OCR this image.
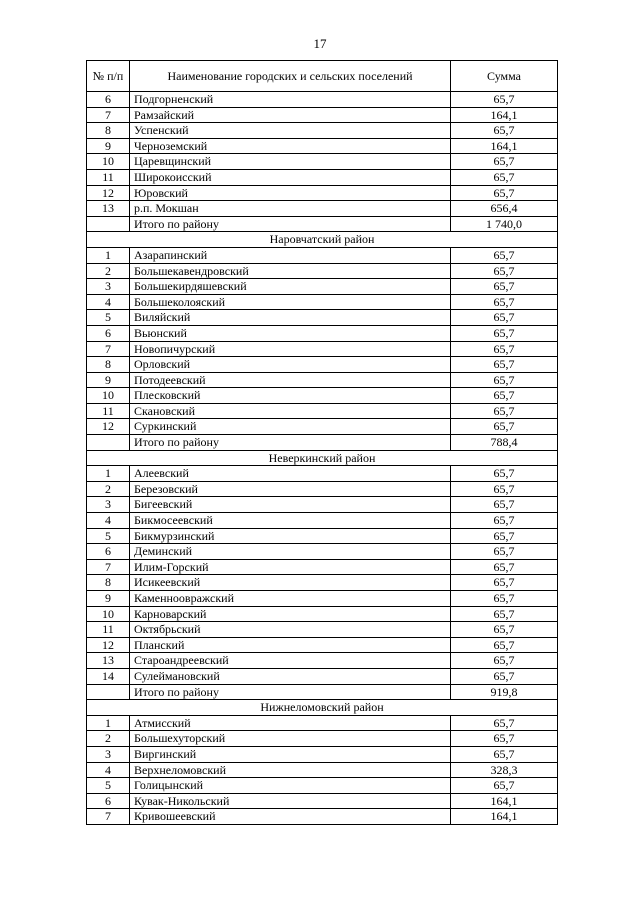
17
№ п/п	Наименование городских и сельских поселений	Сумма
6	Подгорненский	65,7
7	Рамзайский	164,1
8	Успенский	65,7
9	Черноземский	164,1
10	Царевщинский	65,7
11	Широкоисский	65,7
12	Юровский	65,7
13	р.п. Мокшан	656,4
	Итого по району	1 740,0
Наровчатский район		
1	Азарапинский	65,7
2	Большекавендровский	65,7
3	Большекирдяшевский	65,7
4	Большеколояский	65,7
5	Виляйский	65,7
6	Вьюнский	65,7
7	Новопичурский	65,7
8	Орловский	65,7
9	Потодеевский	65,7
10	Плесковский	65,7
11	Скановский	65,7
12	Суркинский	65,7
	Итого по району	788,4
Неверкинский район		
1	Алеевский	65,7
2	Березовский	65,7
3	Бигеевский	65,7
4	Бикмосеевский	65,7
5	Бикмурзинский	65,7
6	Деминский	65,7
7	Илим-Горский	65,7
8	Исикеевский	65,7
9	Каменноовражский	65,7
10	Карноварский	65,7
11	Октябрьский	65,7
12	Планский	65,7
13	Староандреевский	65,7
14	Сулеймановский	65,7
	Итого по району	919,8
Нижнеломовский район		
1	Атмисский	65,7
2	Большехуторский	65,7
3	Виргинский	65,7
4	Верхнеломовский	328,3
5	Голицынский	65,7
6	Кувак-Никольский	164,1
7	Кривошеевский	164,1
